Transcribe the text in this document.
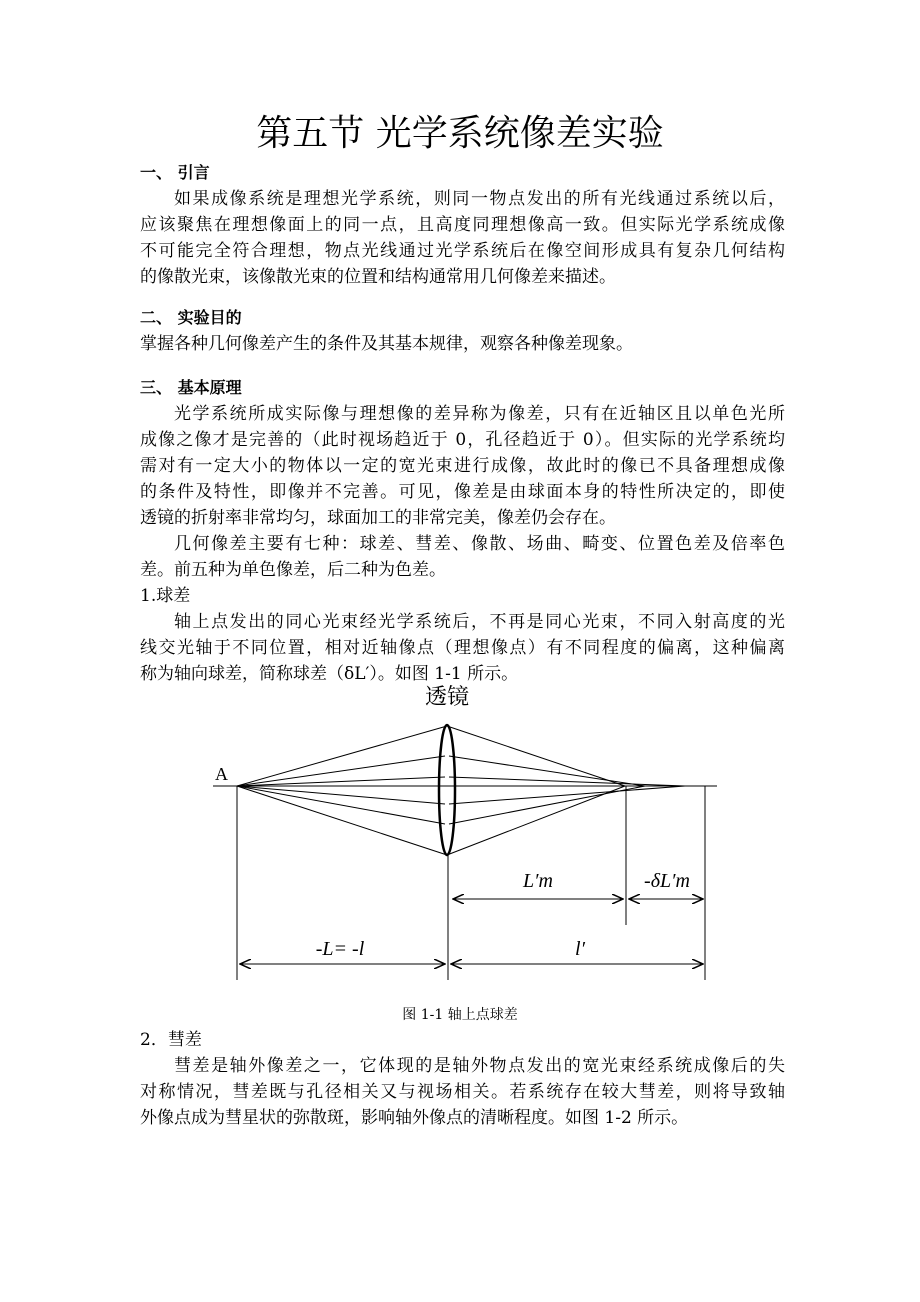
第五节 光学系统像差实验
一、 引言
如果成像系统是理想光学系统，则同一物点发出的所有光线通过系统以后，
应该聚焦在理想像面上的同一点，且高度同理想像高一致。但实际光学系统成像
不可能完全符合理想，物点光线通过光学系统后在像空间形成具有复杂几何结构
的像散光束，该像散光束的位置和结构通常用几何像差来描述。
二、 实验目的
掌握各种几何像差产生的条件及其基本规律，观察各种像差现象。
三、 基本原理
光学系统所成实际像与理想像的差异称为像差，只有在近轴区且以单色光所
成像之像才是完善的（此时视场趋近于 0，孔径趋近于 0）。但实际的光学系统均
需对有一定大小的物体以一定的宽光束进行成像，故此时的像已不具备理想成像
的条件及特性，即像并不完善。可见，像差是由球面本身的特性所决定的，即使
透镜的折射率非常均匀，球面加工的非常完美，像差仍会存在。
几何像差主要有七种：球差、彗差、像散、场曲、畸变、位置色差及倍率色
差。前五种为单色像差，后二种为色差。
1.球差
轴上点发出的同心光束经光学系统后，不再是同心光束，不同入射高度的光
线交光轴于不同位置，相对近轴像点（理想像点）有不同程度的偏离，这种偏离
称为轴向球差，简称球差（δL′）。如图 1-1 所示。
透镜
A
L′m	-δL′m
-L= -l	l′
图 1-1 轴上点球差
2．彗差
彗差是轴外像差之一，它体现的是轴外物点发出的宽光束经系统成像后的失
对称情况，彗差既与孔径相关又与视场相关。若系统存在较大彗差，则将导致轴
外像点成为彗星状的弥散斑，影响轴外像点的清晰程度。如图 1-2 所示。
